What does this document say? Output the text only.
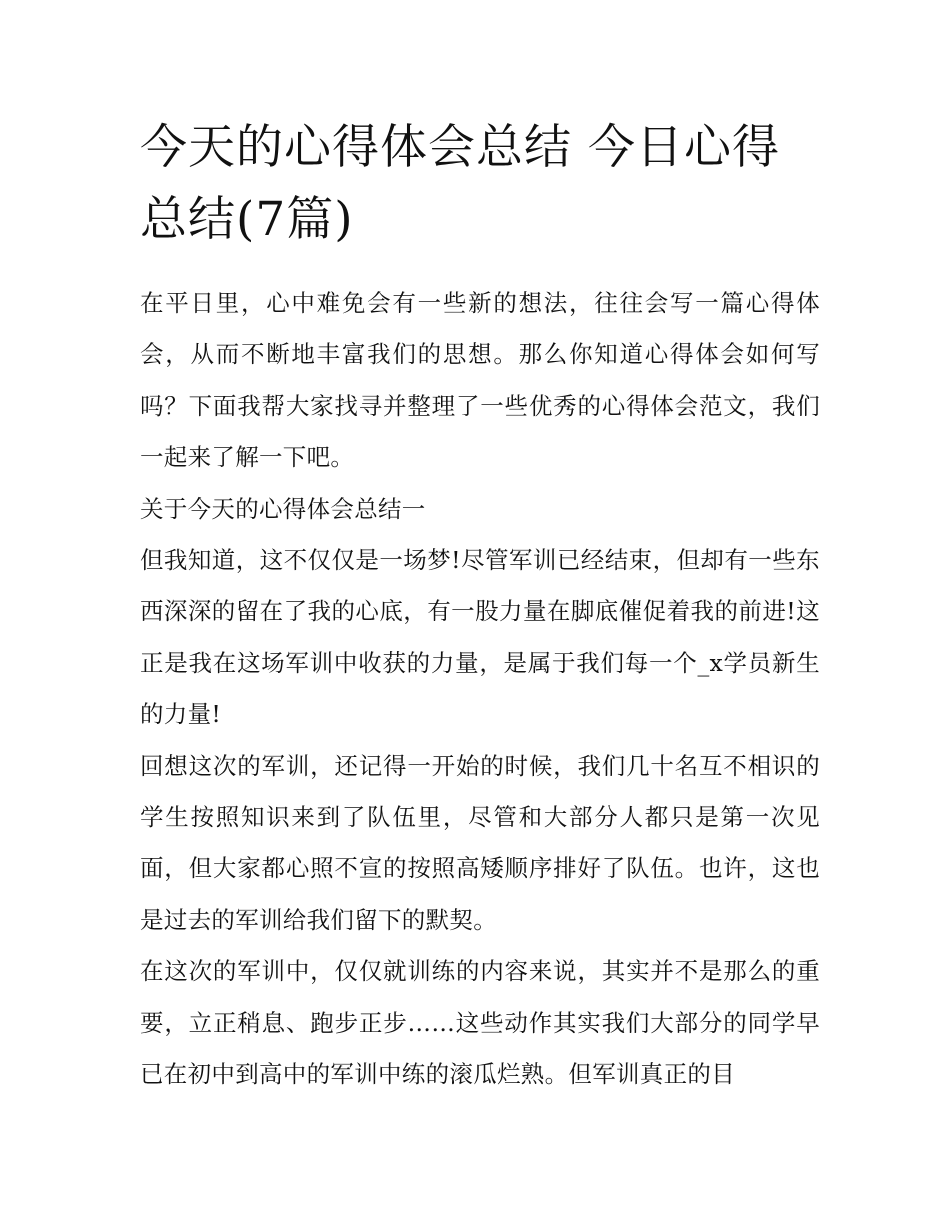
今天的心得体会总结 今日心得总结(7篇)

在平日里，心中难免会有一些新的想法，往往会写一篇心得体会，从而不断地丰富我们的思想。那么你知道心得体会如何写吗？下面我帮大家找寻并整理了一些优秀的心得体会范文，我们一起来了解一下吧。

关于今天的心得体会总结一

但我知道，这不仅仅是一场梦!尽管军训已经结束，但却有一些东西深深的留在了我的心底，有一股力量在脚底催促着我的前进!这正是我在这场军训中收获的力量，是属于我们每一个_x学员新生的力量!

回想这次的军训，还记得一开始的时候，我们几十名互不相识的学生按照知识来到了队伍里，尽管和大部分人都只是第一次见面，但大家都心照不宣的按照高矮顺序排好了队伍。也许，这也是过去的军训给我们留下的默契。

在这次的军训中，仅仅就训练的内容来说，其实并不是那么的重要，立正稍息、跑步正步……这些动作其实我们大部分的同学早已在初中到高中的军训中练的滚瓜烂熟。但军训真正的目
